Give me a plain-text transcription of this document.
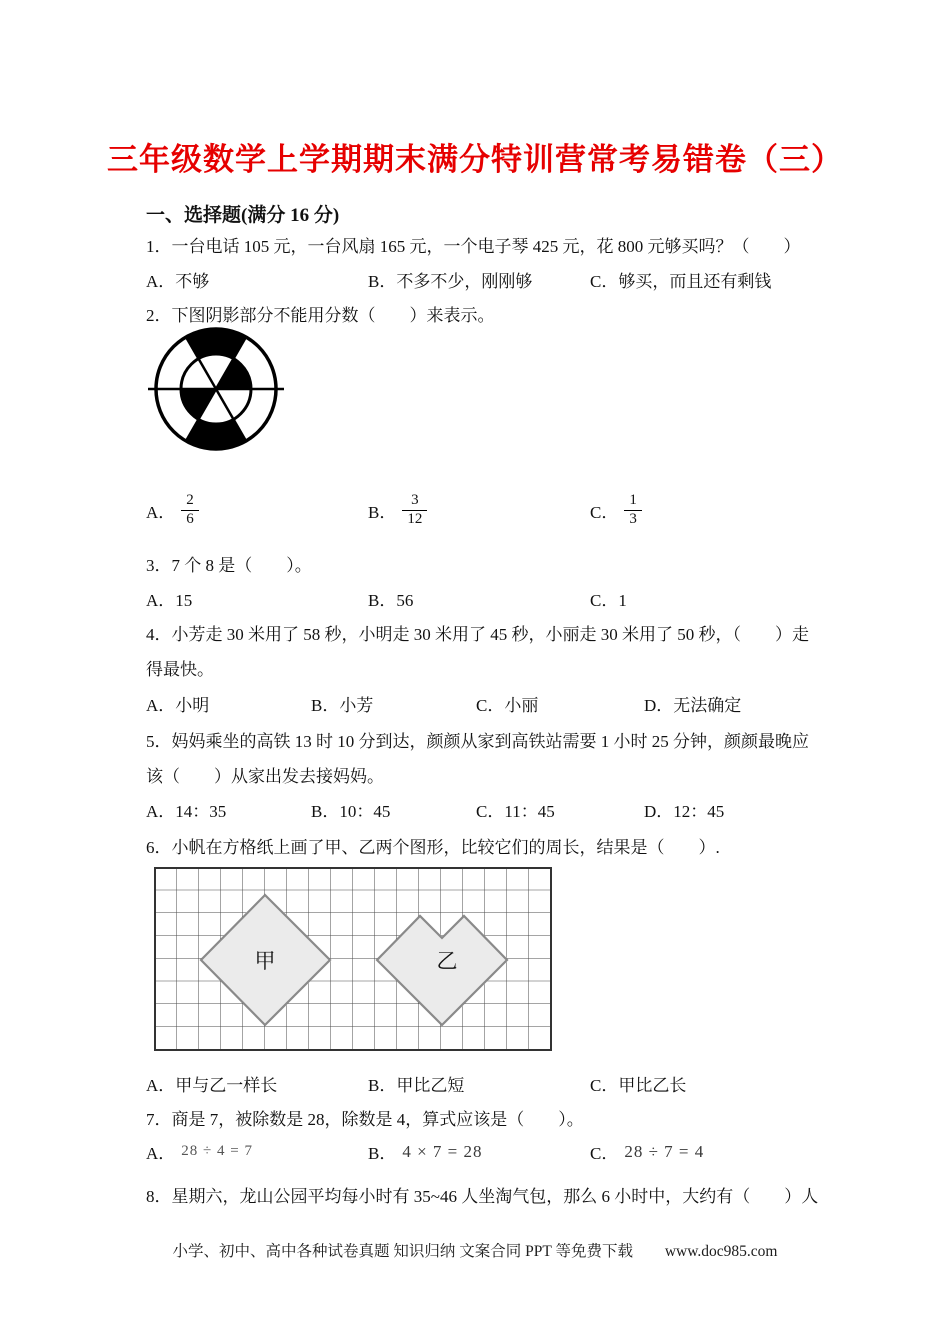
三年级数学上学期期末满分特训营常考易错卷（三）
一、选择题(满分 16 分)
1．一台电话 105 元，一台风扇 165 元，一个电子琴 425 元，花 800 元够买吗？（　　）
A．不够	B．不多不少，刚刚够	C．够买，而且还有剩钱
2．下图阴影部分不能用分数（　　）来表示。
A． $\frac{2}{6}$	B． $\frac{3}{12}$	C． $\frac{1}{3}$
3．7 个 8 是（　　）。
A．15	B．56	C．1
4．小芳走 30 米用了 58 秒，小明走 30 米用了 45 秒，小丽走 30 米用了 50 秒，（　　）走
得最快。
A．小明	B．小芳	C．小丽	D．无法确定
5．妈妈乘坐的高铁 13 时 10 分到达，颜颜从家到高铁站需要 1 小时 25 分钟，颜颜最晚应
该（　　）从家出发去接妈妈。
A．14：35	B．10：45	C．11：45	D．12：45
6．小帆在方格纸上画了甲、乙两个图形，比较它们的周长，结果是（　　）.
甲	乙
A．甲与乙一样长	B．甲比乙短	C．甲比乙长
7．商是 7，被除数是 28，除数是 4，算式应该是（　　）。
A． 28 ÷ 4 = 7	B． 4 × 7 = 28	C． 28 ÷ 7 = 4
8．星期六，龙山公园平均每小时有 35~46 人坐淘气包，那么 6 小时中，大约有（　　）人
小学、初中、高中各种试卷真题 知识归纳 文案合同 PPT 等免费下载 www.doc985.com
